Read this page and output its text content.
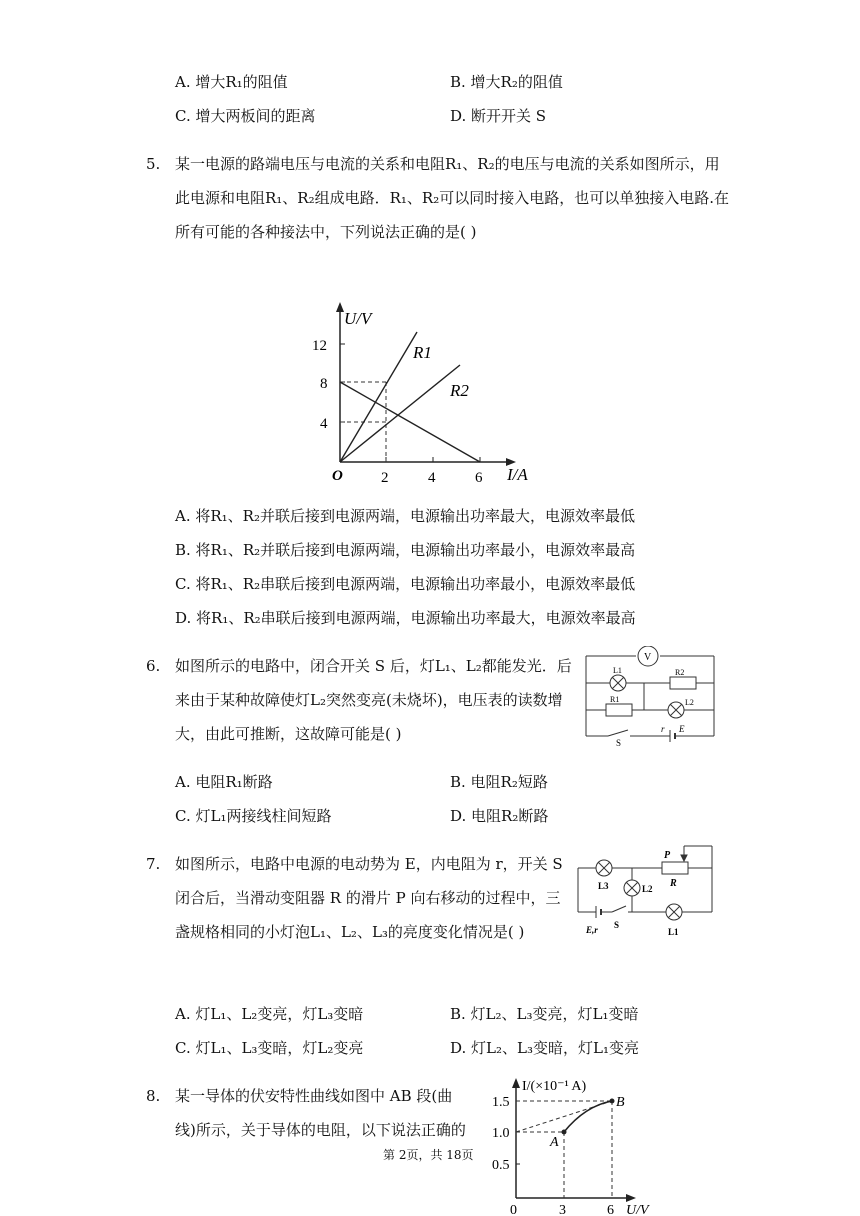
A. 增大R₁的阻值	B. 增大R₂的阻值
C. 增大两板间的距离	D. 断开开关 S
5. 某一电源的路端电压与电流的关系和电阻R₁、R₂的电压与电流的关系如图所示，用
此电源和电阻R₁、R₂组成电路．R₁、R₂可以同时接入电路，也可以单独接入电路.在
所有可能的各种接法中，下列说法正确的是( )
U/V
I/A
O
12
8
4
2	4	6
R1
R2
A. 将R₁、R₂并联后接到电源两端，电源输出功率最大，电源效率最低
B. 将R₁、R₂并联后接到电源两端，电源输出功率最小，电源效率最高
C. 将R₁、R₂串联后接到电源两端，电源输出功率最小，电源效率最低
D. 将R₁、R₂串联后接到电源两端，电源输出功率最大，电源效率最高
6. 如图所示的电路中，闭合开关 S 后，灯L₁、L₂都能发光．后
来由于某种故障使灯L₂突然变亮(未烧坏)，电压表的读数增
大，由此可推断，这故障可能是( )
V
L1	R2
R1	L2
S
r E
A. 电阻R₁断路	B. 电阻R₂短路
C. 灯L₁两接线柱间短路	D. 电阻R₂断路
7. 如图所示，电路中电源的电动势为 E，内电阻为 r，开关 S
闭合后，当滑动变阻器 R 的滑片 P 向右移动的过程中，三
盏规格相同的小灯泡L₁、L₂、L₃的亮度变化情况是( )
P
R
L3	L2
L1
E,r S
A. 灯L₁、L₂变亮，灯L₃变暗	B. 灯L₂、L₃变亮，灯L₁变暗
C. 灯L₁、L₃变暗，灯L₂变亮	D. 灯L₂、L₃变暗，灯L₁变亮
8. 某一导体的伏安特性曲线如图中 AB 段(曲
线)所示，关于导体的电阻，以下说法正确的
I/(×10⁻¹ A)
U/V
0
1.5
1.0
0.5
3	6
A
B
第 2页，共 18页
